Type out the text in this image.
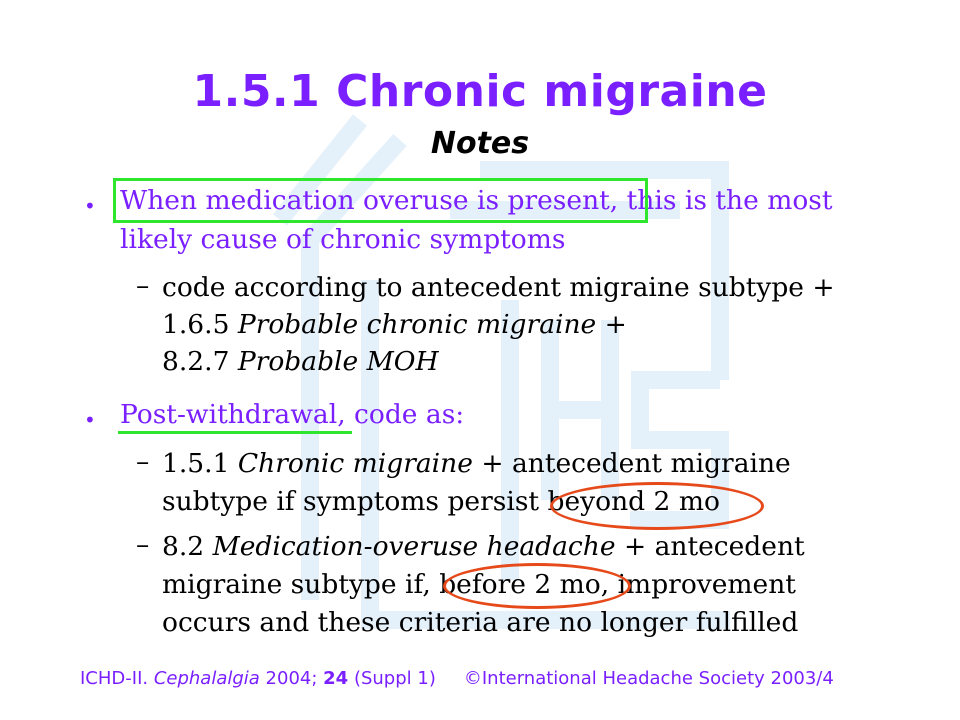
1.5.1 Chronic migraine
Notes
• When medication overuse is present, this is the most
likely cause of chronic symptoms
– code according to antecedent migraine subtype +
1.6.5 Probable chronic migraine +
8.2.7 Probable MOH
• Post-withdrawal, code as:
– 1.5.1 Chronic migraine + antecedent migraine
subtype if symptoms persist beyond 2 mo
– 8.2 Medication-overuse headache + antecedent
migraine subtype if, before 2 mo, improvement
occurs and these criteria are no longer fulfilled
ICHD-II. Cephalalgia 2004; 24 (Suppl 1) ©International Headache Society 2003/4
